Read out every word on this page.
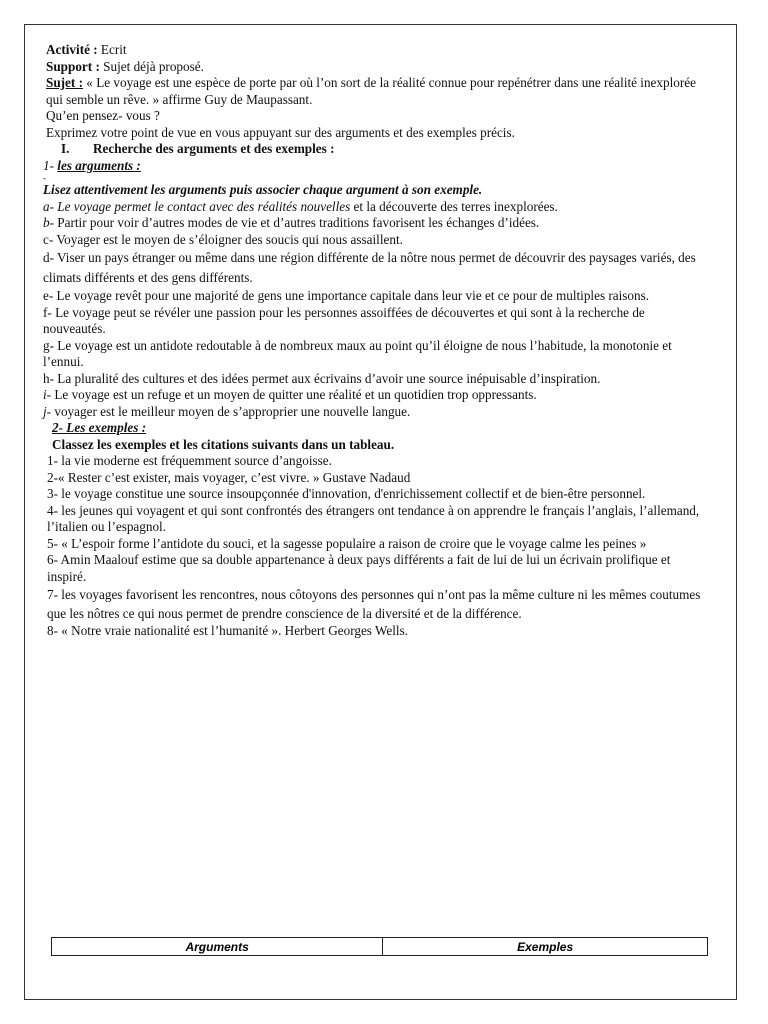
Activité : Ecrit

Support : Sujet déjà proposé.

Sujet : « Le voyage est une espèce de porte par où l’on sort de la réalité connue pour repénétrer dans une réalité inexplorée qui semble un rêve. » affirme Guy de Maupassant.

Qu’en pensez- vous ?

Exprimez votre point de vue en vous appuyant sur des arguments et des exemples précis.

I. Recherche des arguments et des exemples :

1- les arguments :

-

Lisez attentivement les arguments puis associer chaque argument à son exemple.

a- Le voyage permet le contact avec des réalités nouvelles et la découverte des terres inexplorées.

b- Partir pour voir d’autres modes de vie et d’autres traditions favorisent les échanges d’idées.

c- Voyager est le moyen de s’éloigner des soucis qui nous assaillent.

d- Viser un pays étranger ou même dans une région différente de la nôtre nous permet de découvrir des paysages variés, des climats différents et des gens différents.

e- Le voyage revêt pour une majorité de gens une importance capitale dans leur vie et ce pour de multiples raisons.

f- Le voyage peut se révéler une passion pour les personnes assoiffées de découvertes et qui sont à la recherche de nouveautés.

g- Le voyage est un antidote redoutable à de nombreux maux au point qu’il éloigne de nous l’habitude, la monotonie et l’ennui.

h- La pluralité des cultures et des idées permet aux écrivains d’avoir une source inépuisable d’inspiration.

i- Le voyage est un refuge et un moyen de quitter une réalité et un quotidien trop oppressants.

j- voyager est le meilleur moyen de s’approprier une nouvelle langue.

2- Les exemples :

Classez les exemples et les citations suivants dans un tableau.

1- la vie moderne est fréquemment source d’angoisse.

2-« Rester c’est exister, mais voyager, c’est vivre. » Gustave Nadaud

3- le voyage constitue une source insoupçonnée d'innovation, d'enrichissement collectif et de bien-être personnel.

4- les jeunes qui voyagent et qui sont confrontés des étrangers ont tendance à on apprendre le français l’anglais, l’allemand, l’italien ou l’espagnol.

5- « L’espoir forme l’antidote du souci, et la sagesse populaire a raison de croire que le voyage calme les peines »

6- Amin Maalouf estime que sa double appartenance à deux pays différents a fait de lui de lui un écrivain prolifique et inspiré.

7- les voyages favorisent les rencontres, nous côtoyons des personnes qui n’ont pas la même culture ni les mêmes coutumes que les nôtres ce qui nous permet de prendre conscience de la diversité et de la différence.

8- « Notre vraie nationalité est l’humanité ». Herbert Georges Wells.

Arguments	Exemples
